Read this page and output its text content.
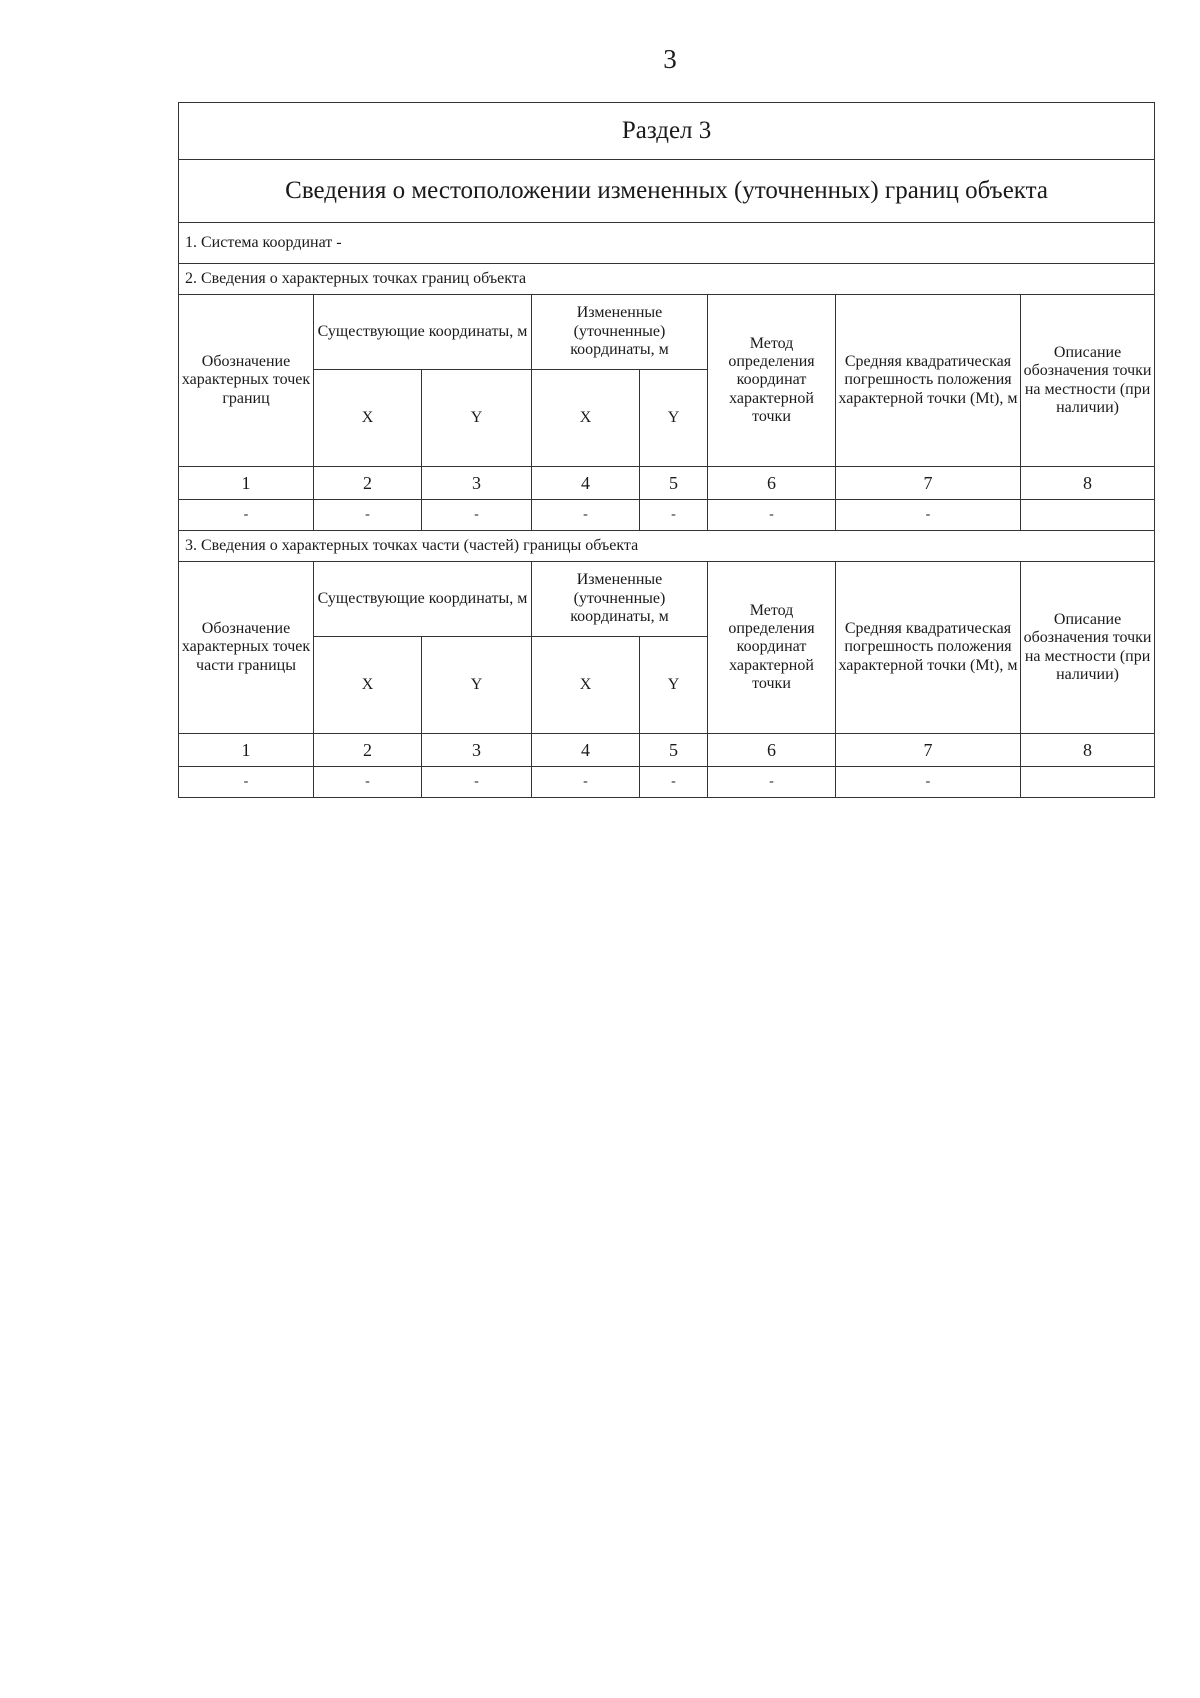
3
Раздел 3							
Сведения о местоположении измененных (уточненных) границ объекта							
1. Система координат -							
2. Сведения о характерных точках границ объекта							
Обозначение характерных точек границ	Существующие координаты, м		Измененные (уточненные) координаты, м		Метод определения координат характерной точки	Средняя квадратическая погрешность положения характерной точки (Mt), м	Описание обозначения точки на местности (при наличии)
	X	Y	X	Y			
1	2	3	4	5	6	7	8
-	-	-	-	-	-	-	
3. Сведения о характерных точках части (частей) границы объекта							
Обозначение характерных точек части границы	Существующие координаты, м		Измененные (уточненные) координаты, м		Метод определения координат характерной точки	Средняя квадратическая погрешность положения характерной точки (Mt), м	Описание обозначения точки на местности (при наличии)
	X	Y	X	Y			
1	2	3	4	5	6	7	8
-	-	-	-	-	-	-	
